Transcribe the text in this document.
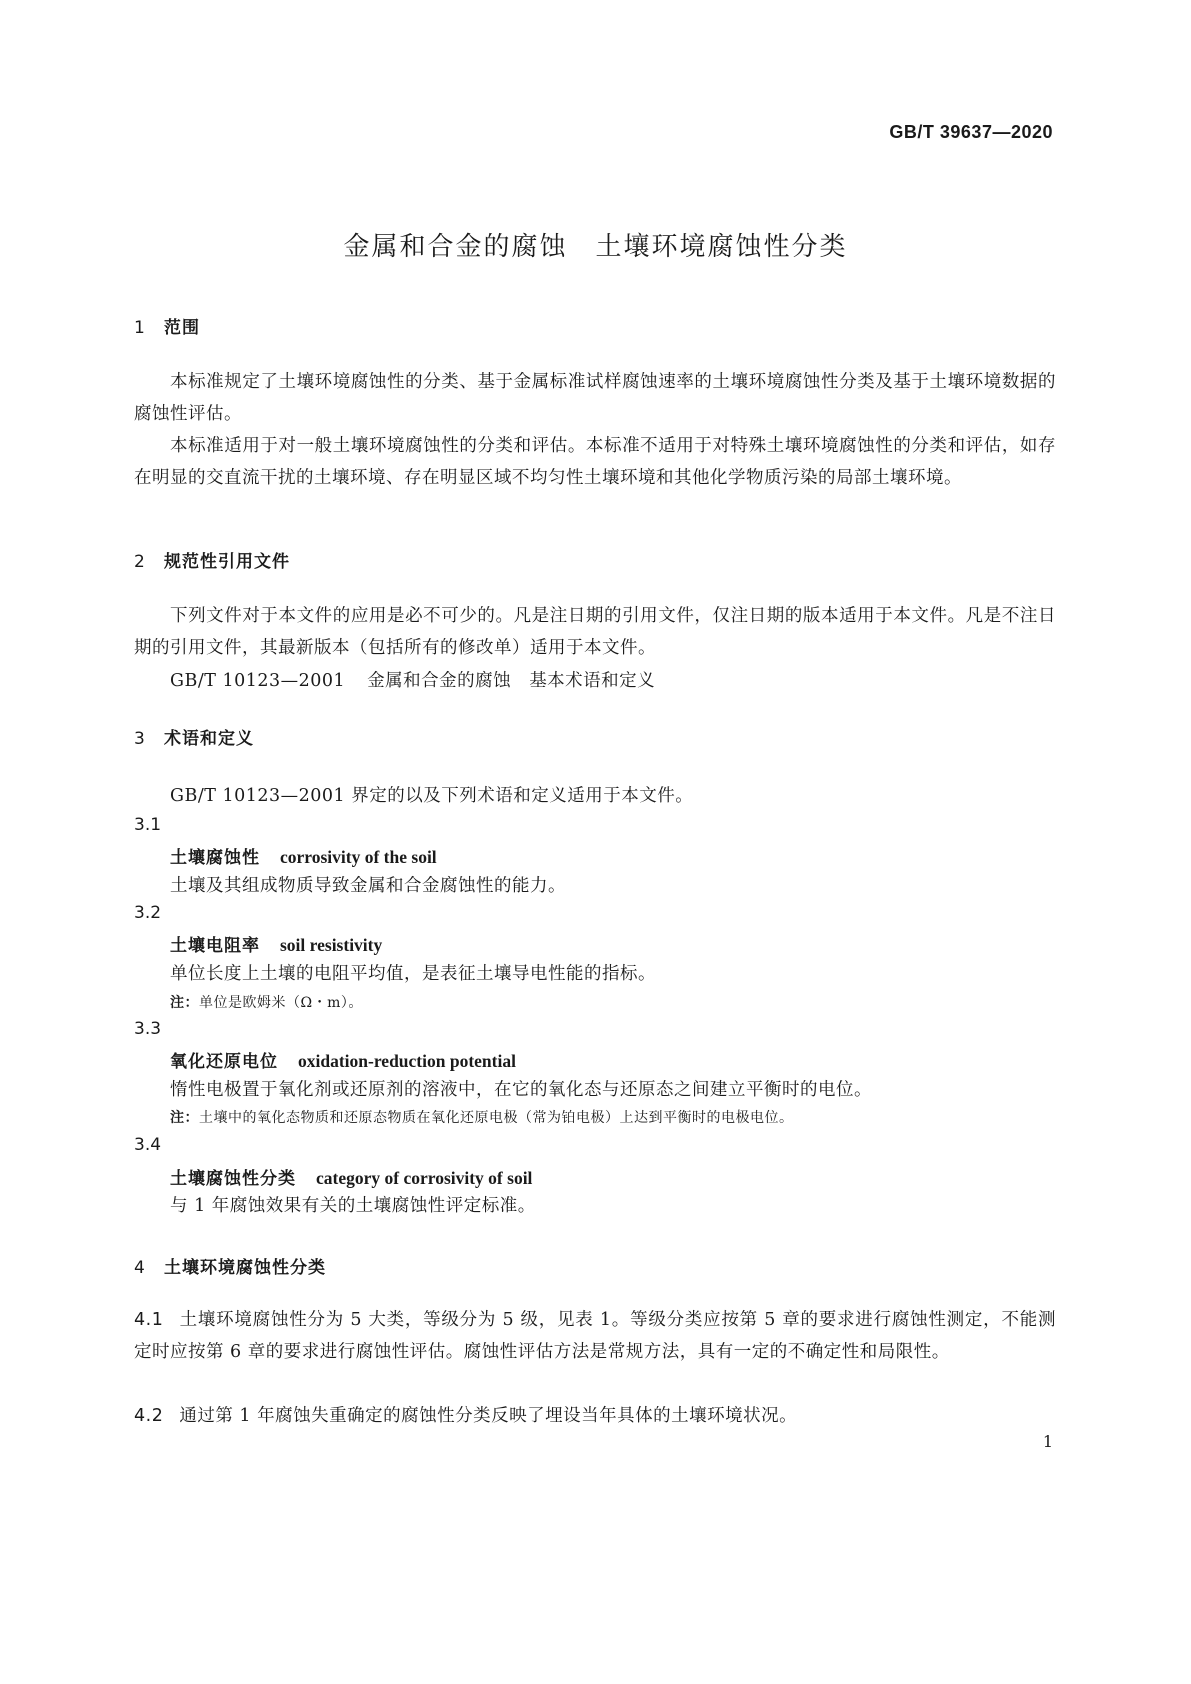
GB/T 39637—2020
金属和合金的腐蚀　土壤环境腐蚀性分类
1 范围
本标准规定了土壤环境腐蚀性的分类、基于金属标准试样腐蚀速率的土壤环境腐蚀性分类及基于土壤环境数据的腐蚀性评估。
本标准适用于对一般土壤环境腐蚀性的分类和评估。本标准不适用于对特殊土壤环境腐蚀性的分类和评估，如存在明显的交直流干扰的土壤环境、存在明显区域不均匀性土壤环境和其他化学物质污染的局部土壤环境。
2 规范性引用文件
下列文件对于本文件的应用是必不可少的。凡是注日期的引用文件，仅注日期的版本适用于本文件。凡是不注日期的引用文件，其最新版本（包括所有的修改单）适用于本文件。
GB/T 10123—2001 金属和合金的腐蚀 基本术语和定义
3 术语和定义
GB/T 10123—2001 界定的以及下列术语和定义适用于本文件。
3.1
土壤腐蚀性 corrosivity of the soil
土壤及其组成物质导致金属和合金腐蚀性的能力。
3.2
土壤电阻率 soil resistivity
单位长度上土壤的电阻平均值，是表征土壤导电性能的指标。
注：单位是欧姆米（Ω・m）。
3.3
氧化还原电位 oxidation-reduction potential
惰性电极置于氧化剂或还原剂的溶液中，在它的氧化态与还原态之间建立平衡时的电位。
注：土壤中的氧化态物质和还原态物质在氧化还原电极（常为铂电极）上达到平衡时的电极电位。
3.4
土壤腐蚀性分类 category of corrosivity of soil
与 1 年腐蚀效果有关的土壤腐蚀性评定标准。
4 土壤环境腐蚀性分类
4.1 土壤环境腐蚀性分为 5 大类，等级分为 5 级，见表 1。等级分类应按第 5 章的要求进行腐蚀性测定，不能测定时应按第 6 章的要求进行腐蚀性评估。腐蚀性评估方法是常规方法，具有一定的不确定性和局限性。
4.2 通过第 1 年腐蚀失重确定的腐蚀性分类反映了埋设当年具体的土壤环境状况。
1
